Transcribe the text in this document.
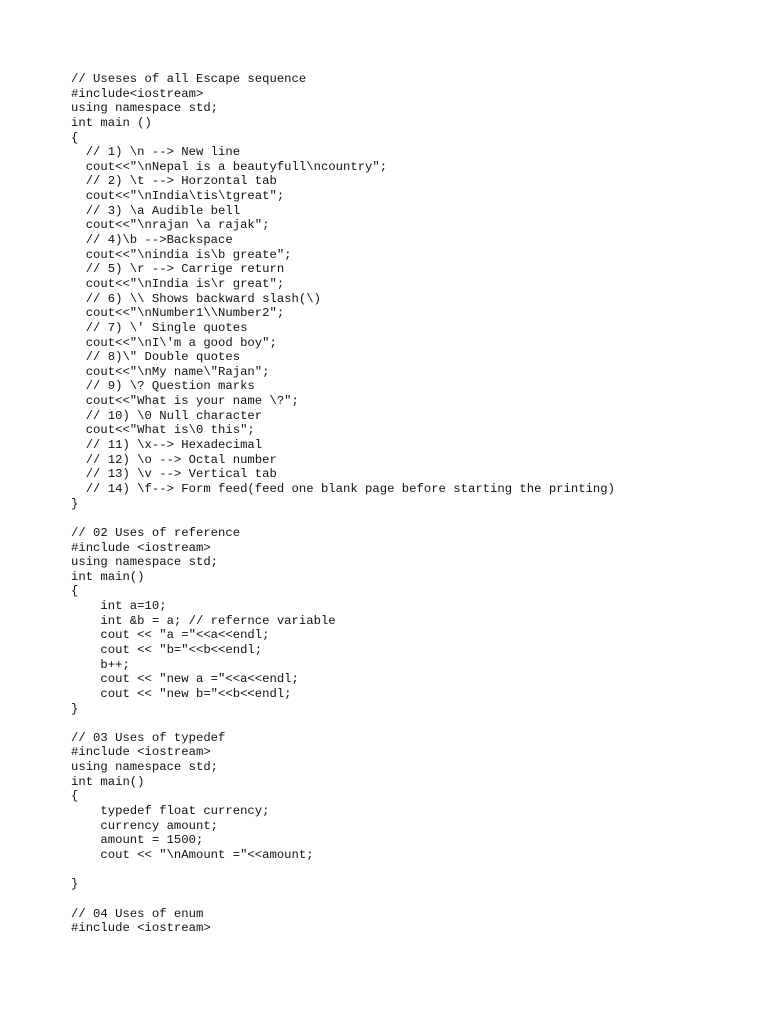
// Useses of all Escape sequence
#include<iostream>
using namespace std;
int main ()
{
// 1) \n --> New line
cout<<"\nNepal is a beautyfull\ncountry";
// 2) \t --> Horzontal tab
cout<<"\nIndia\tis\tgreat";
// 3) \a Audible bell
cout<<"\nrajan \a rajak";
// 4)\b -->Backspace
cout<<"\nindia is\b greate";
// 5) \r --> Carrige return
cout<<"\nIndia is\r great";
// 6) \\ Shows backward slash(\)
cout<<"\nNumber1\\Number2";
// 7) \' Single quotes
cout<<"\nI\'m a good boy";
// 8)\" Double quotes
cout<<"\nMy name\"Rajan";
// 9) \? Question marks
cout<<"What is your name \?";
// 10) \0 Null character
cout<<"What is\0 this";
// 11) \x--> Hexadecimal
// 12) \o --> Octal number
// 13) \v --> Vertical tab
// 14) \f--> Form feed(feed one blank page before starting the printing)
}
// 02 Uses of reference
#include <iostream>
using namespace std;
int main()
{
int a=10;
int &b = a; // refernce variable
cout << "a ="<<a<<endl;
cout << "b="<<b<<endl;
b++;
cout << "new a ="<<a<<endl;
cout << "new b="<<b<<endl;
}
// 03 Uses of typedef
#include <iostream>
using namespace std;
int main()
{
typedef float currency;
currency amount;
amount = 1500;
cout << "\nAmount ="<<amount;
}
// 04 Uses of enum
#include <iostream>
